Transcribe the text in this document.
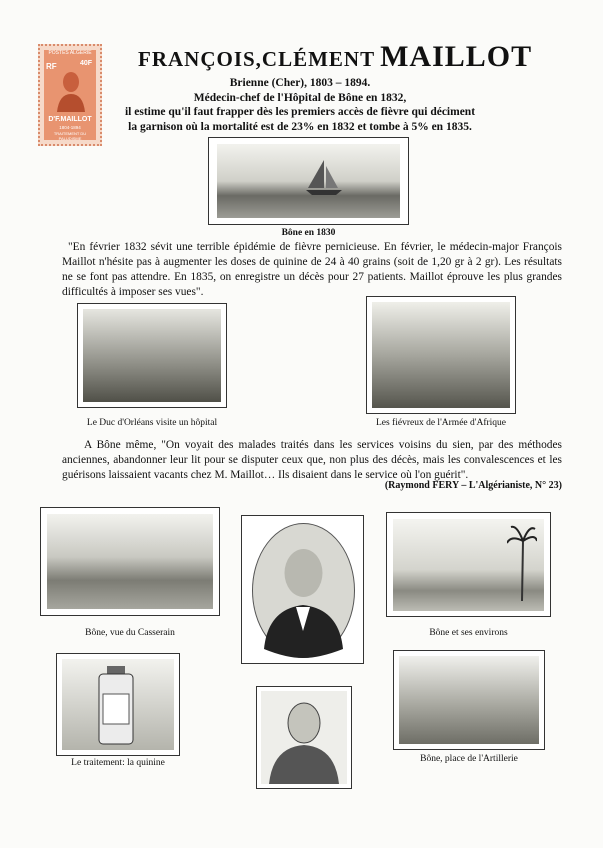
POSTES ALGERIE
RF	40F
D'F.MAILLOT
1804-1894
TRAITEMENT DU PALUDISME
FRANÇOIS,CLÉMENT MAILLOT
Brienne (Cher), 1803 – 1894.
Médecin-chef de l'Hôpital de Bône en 1832,
il estime qu'il faut frapper dès les premiers accès de fièvre qui déciment
la garnison où la mortalité est de 23% en 1832 et tombe à 5% en 1835.
Bône en 1830
"En février 1832 sévit une terrible épidémie de fièvre pernicieuse. En février, le médecin-major François Maillot n'hésite pas à augmenter les doses de quinine de 24 à 40 grains (soit de 1,20 gr à 2 gr). Les résultats ne se font pas attendre. En 1835, on enregistre un décès pour 27 patients. Maillot éprouve les plus grandes difficultés à imposer ses vues".
Le Duc d'Orléans visite un hôpital	Les fiévreux de l'Armée d'Afrique
A Bône même, "On voyait des malades traités dans les services voisins du sien, par des méthodes anciennes, abandonner leur lit pour se disputer ceux que, non plus des décès, mais les convalescences et les guérisons laissaient vacants chez M. Maillot… Ils disaient dans le service où l'on guérit".
(Raymond FERY – L'Algérianiste, N° 23)
Bône, vue du Casserain	Bône et ses environs
Le traitement: la quinine	Bône, place de l'Artillerie
